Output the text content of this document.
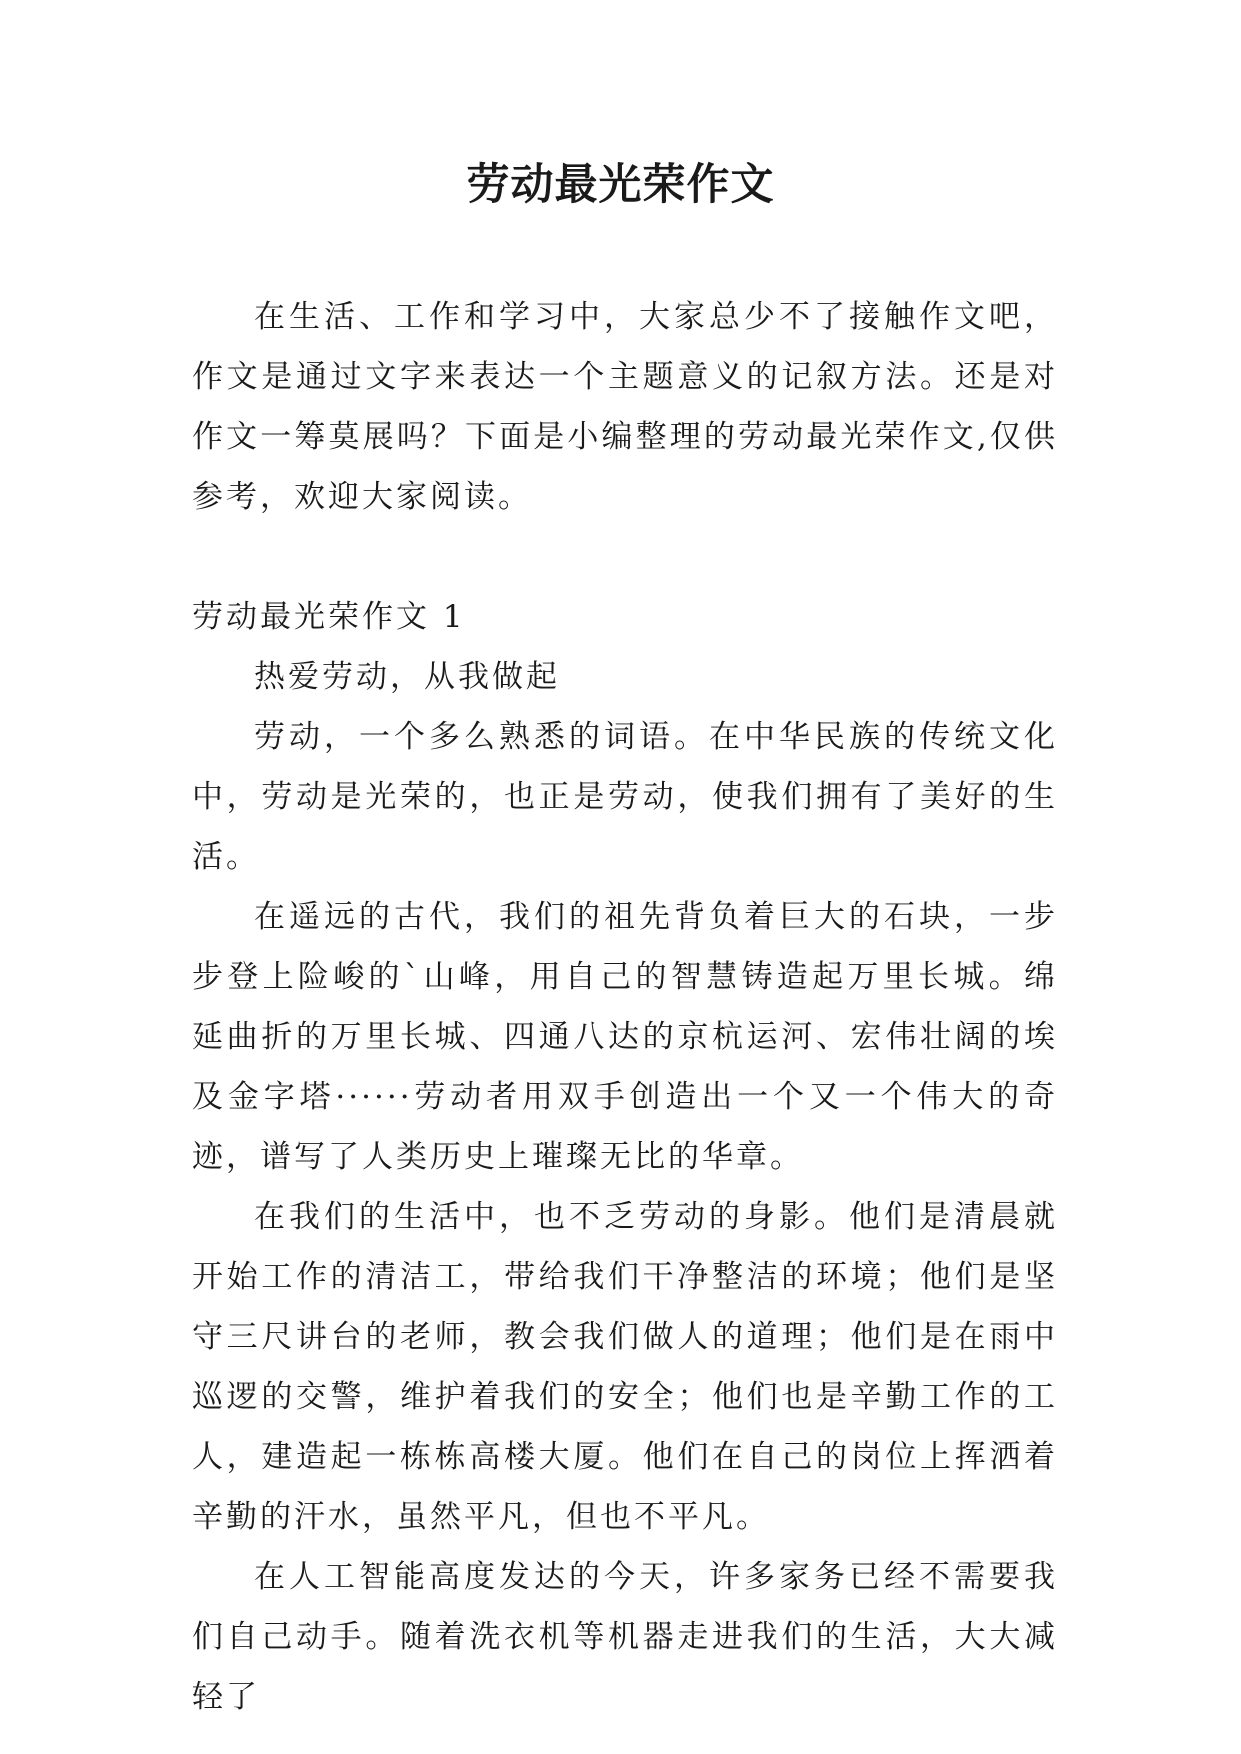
劳动最光荣作文

在生活、工作和学习中，大家总少不了接触作文吧，作文是通过文字来表达一个主题意义的记叙方法。还是对作文一筹莫展吗？下面是小编整理的劳动最光荣作文,仅供参考，欢迎大家阅读。

劳动最光荣作文 1

热爱劳动，从我做起

劳动，一个多么熟悉的词语。在中华民族的传统文化中，劳动是光荣的，也正是劳动，使我们拥有了美好的生活。

在遥远的古代，我们的祖先背负着巨大的石块，一步步登上险峻的`山峰，用自己的智慧铸造起万里长城。绵延曲折的万里长城、四通八达的京杭运河、宏伟壮阔的埃及金字塔······劳动者用双手创造出一个又一个伟大的奇迹，谱写了人类历史上璀璨无比的华章。

在我们的生活中，也不乏劳动的身影。他们是清晨就开始工作的清洁工，带给我们干净整洁的环境；他们是坚守三尺讲台的老师，教会我们做人的道理；他们是在雨中巡逻的交警，维护着我们的安全；他们也是辛勤工作的工人，建造起一栋栋高楼大厦。他们在自己的岗位上挥洒着辛勤的汗水，虽然平凡，但也不平凡。

在人工智能高度发达的今天，许多家务已经不需要我们自己动手。随着洗衣机等机器走进我们的生活，大大减轻了
